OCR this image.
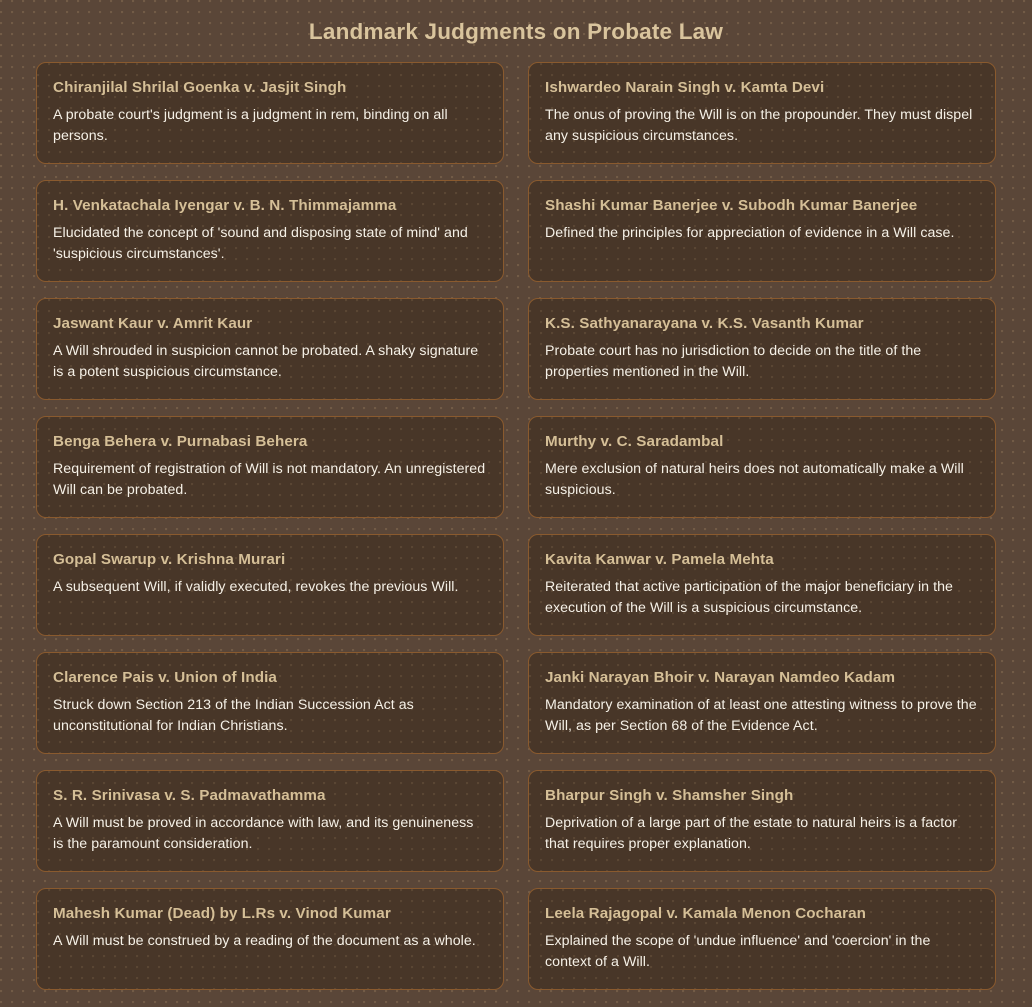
Landmark Judgments on Probate Law
Chiranjilal Shrilal Goenka v. Jasjit Singh
A probate court's judgment is a judgment in rem, binding on all persons.
Ishwardeo Narain Singh v. Kamta Devi
The onus of proving the Will is on the propounder. They must dispel any suspicious circumstances.
H. Venkatachala Iyengar v. B. N. Thimmajamma
Elucidated the concept of 'sound and disposing state of mind' and 'suspicious circumstances'.
Shashi Kumar Banerjee v. Subodh Kumar Banerjee
Defined the principles for appreciation of evidence in a Will case.
Jaswant Kaur v. Amrit Kaur
A Will shrouded in suspicion cannot be probated. A shaky signature is a potent suspicious circumstance.
K.S. Sathyanarayana v. K.S. Vasanth Kumar
Probate court has no jurisdiction to decide on the title of the properties mentioned in the Will.
Benga Behera v. Purnabasi Behera
Requirement of registration of Will is not mandatory. An unregistered Will can be probated.
Murthy v. C. Saradambal
Mere exclusion of natural heirs does not automatically make a Will suspicious.
Gopal Swarup v. Krishna Murari
A subsequent Will, if validly executed, revokes the previous Will.
Kavita Kanwar v. Pamela Mehta
Reiterated that active participation of the major beneficiary in the execution of the Will is a suspicious circumstance.
Clarence Pais v. Union of India
Struck down Section 213 of the Indian Succession Act as unconstitutional for Indian Christians.
Janki Narayan Bhoir v. Narayan Namdeo Kadam
Mandatory examination of at least one attesting witness to prove the Will, as per Section 68 of the Evidence Act.
S. R. Srinivasa v. S. Padmavathamma
A Will must be proved in accordance with law, and its genuineness is the paramount consideration.
Bharpur Singh v. Shamsher Singh
Deprivation of a large part of the estate to natural heirs is a factor that requires proper explanation.
Mahesh Kumar (Dead) by L.Rs v. Vinod Kumar
A Will must be construed by a reading of the document as a whole.
Leela Rajagopal v. Kamala Menon Cocharan
Explained the scope of 'undue influence' and 'coercion' in the context of a Will.
